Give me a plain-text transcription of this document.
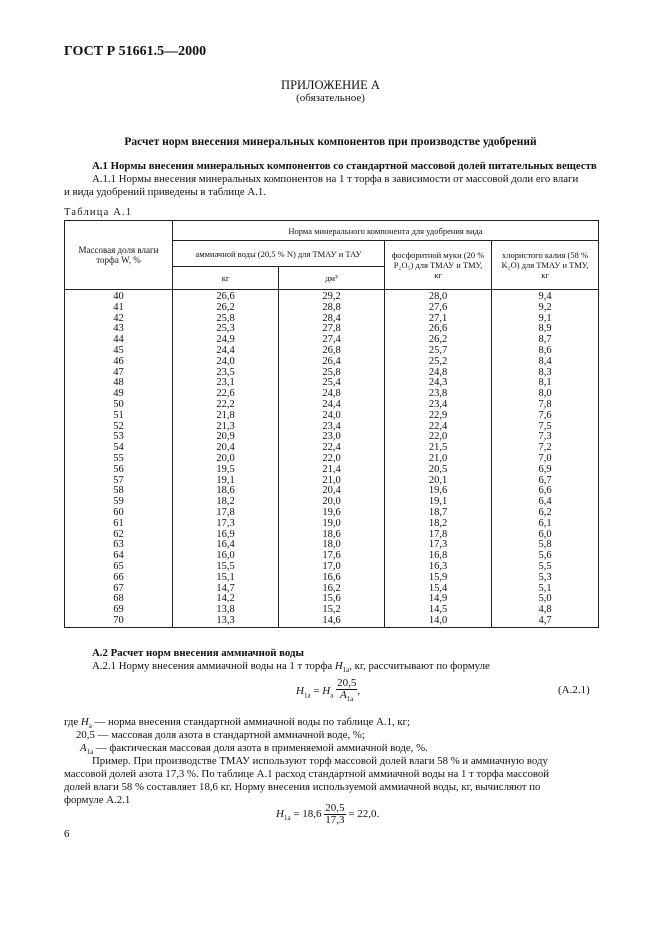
ГОСТ Р 51661.5—2000
ПРИЛОЖЕНИЕ А
(обязательное)
Расчет норм внесения минеральных компонентов при производстве удобрений
А.1 Нормы внесения минеральных компонентов со стандартной массовой долей питательных веществ
А.1.1 Нормы внесения минеральных компонентов на 1 т торфа в зависимости от массовой доли его влаги
и вида удобрений приведены в таблице А.1.
Таблица А.1
Массовая доля влаги торфа W, %	Норма минерального компонента для удобрения вида			
	аммиачной воды (20,5 % N) для ТМАУ и ТАУ		фосфоритной муки (20 % P₂O₅) для ТМАУ и ТМУ, кг	хлористого калия (58 % K₂O) для ТМАУ и ТМУ, кг
	кг	дм³		
40	26,6	29,2	28,0	9,4
41	26,2	28,8	27,6	9,2
42	25,8	28,4	27,1	9,1
43	25,3	27,8	26,6	8,9
44	24,9	27,4	26,2	8,7
45	24,4	26,8	25,7	8,6
46	24,0	26,4	25,2	8,4
47	23,5	25,8	24,8	8,3
48	23,1	25,4	24,3	8,1
49	22,6	24,8	23,8	8,0
50	22,2	24,4	23,4	7,8
51	21,8	24,0	22,9	7,6
52	21,3	23,4	22,4	7,5
53	20,9	23,0	22,0	7,3
54	20,4	22,4	21,5	7,2
55	20,0	22,0	21,0	7,0
56	19,5	21,4	20,5	6,9
57	19,1	21,0	20,1	6,7
58	18,6	20,4	19,6	6,6
59	18,2	20,0	19,1	6,4
60	17,8	19,6	18,7	6,2
61	17,3	19,0	18,2	6,1
62	16,9	18,6	17,8	6,0
63	16,4	18,0	17,3	5,8
64	16,0	17,6	16,8	5,6
65	15,5	17,0	16,3	5,5
66	15,1	16,6	15,9	5,3
67	14,7	16,2	15,4	5,1
68	14,2	15,6	14,9	5,0
69	13,8	15,2	14,5	4,8
70	13,3	14,6	14,0	4,7
А.2 Расчет норм внесения аммиачной воды
А.2.1 Норму внесения аммиачной воды на 1 т торфа $H_{1a}$, кг, рассчитывают по формуле
$H_{1a} = H_a \frac{20,5}{A_{1a}}$ ,	(А.2.1)
где $H_a$ — норма внесения стандартной аммиачной воды по таблице А.1, кг;
20,5 — массовая доля азота в стандартной аммиачной воде, %;
$A_{1a}$ — фактическая массовая доля азота в применяемой аммиачной воде, %.
Пример. При производстве ТМАУ используют торф массовой долей влаги 58 % и аммиачную воду
массовой долей азота 17,3 %. По таблице А.1 расход стандартной аммиачной воды на 1 т торфа массовой
долей влаги 58 % составляет 18,6 кг. Норму внесения используемой аммиачной воды, кг, вычисляют по
формуле А.2.1
$H_{1a} = 18,6 \frac{20,5}{17,3} = 22,0$.
6
